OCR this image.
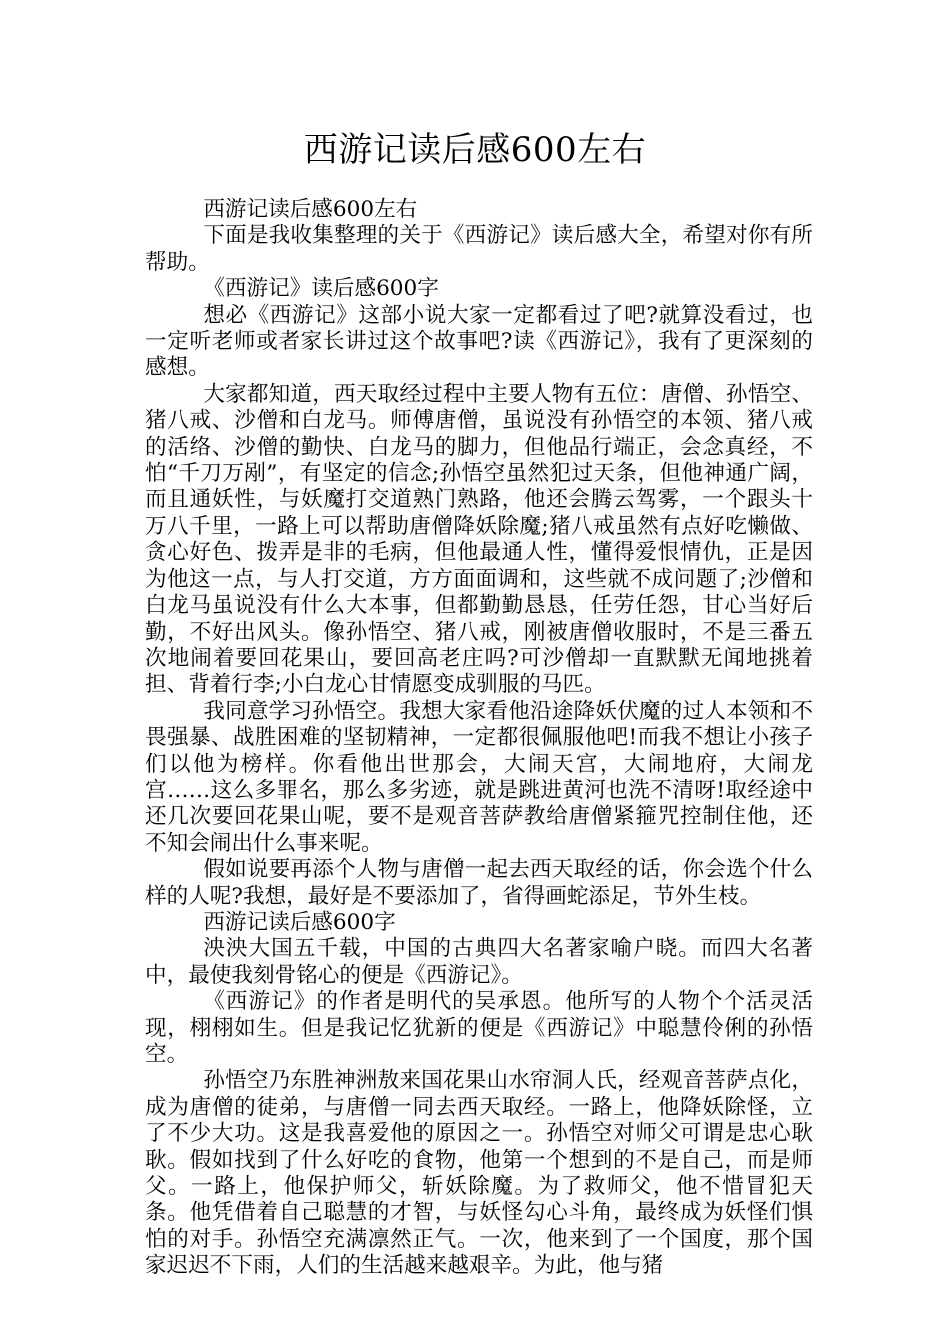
西游记读后感600左右

西游记读后感600左右

下面是我收集整理的关于《西游记》读后感大全，希望对你有所帮助。

《西游记》读后感600字

想必《西游记》这部小说大家一定都看过了吧?就算没看过，也一定听老师或者家长讲过这个故事吧?读《西游记》，我有了更深刻的感想。

大家都知道，西天取经过程中主要人物有五位：唐僧、孙悟空、猪八戒、沙僧和白龙马。师傅唐僧，虽说没有孙悟空的本领、猪八戒的活络、沙僧的勤快、白龙马的脚力，但他品行端正，会念真经，不怕“千刀万剐”，有坚定的信念;孙悟空虽然犯过天条，但他神通广阔，而且通妖性，与妖魔打交道熟门熟路，他还会腾云驾雾，一个跟头十万八千里，一路上可以帮助唐僧降妖除魔;猪八戒虽然有点好吃懒做、贪心好色、拨弄是非的毛病，但他最通人性，懂得爱恨情仇，正是因为他这一点，与人打交道，方方面面调和，这些就不成问题了;沙僧和白龙马虽说没有什么大本事，但都勤勤恳恳，任劳任怨，甘心当好后勤，不好出风头。像孙悟空、猪八戒，刚被唐僧收服时，不是三番五次地闹着要回花果山，要回高老庄吗?可沙僧却一直默默无闻地挑着担、背着行李;小白龙心甘情愿变成驯服的马匹。

我同意学习孙悟空。我想大家看他沿途降妖伏魔的过人本领和不畏强暴、战胜困难的坚韧精神，一定都很佩服他吧!而我不想让小孩子们以他为榜样。你看他出世那会，大闹天宫，大闹地府，大闹龙宫……这么多罪名，那么多劣迹，就是跳进黄河也洗不清呀!取经途中还几次要回花果山呢，要不是观音菩萨教给唐僧紧箍咒控制住他，还不知会闹出什么事来呢。

假如说要再添个人物与唐僧一起去西天取经的话，你会选个什么样的人呢?我想，最好是不要添加了，省得画蛇添足，节外生枝。

西游记读后感600字

泱泱大国五千载，中国的古典四大名著家喻户晓。而四大名著中，最使我刻骨铭心的便是《西游记》。

《西游记》的作者是明代的吴承恩。他所写的人物个个活灵活现，栩栩如生。但是我记忆犹新的便是《西游记》中聪慧伶俐的孙悟空。

孙悟空乃东胜神洲敖来国花果山水帘洞人氏，经观音菩萨点化，成为唐僧的徒弟，与唐僧一同去西天取经。一路上，他降妖除怪，立了不少大功。这是我喜爱他的原因之一。孙悟空对师父可谓是忠心耿耿。假如找到了什么好吃的食物，他第一个想到的不是自己，而是师父。一路上，他保护师父，斩妖除魔。为了救师父，他不惜冒犯天条。他凭借着自己聪慧的才智，与妖怪勾心斗角，最终成为妖怪们惧怕的对手。孙悟空充满凛然正气。一次，他来到了一个国度，那个国家迟迟不下雨，人们的生活越来越艰辛。为此，他与猪
